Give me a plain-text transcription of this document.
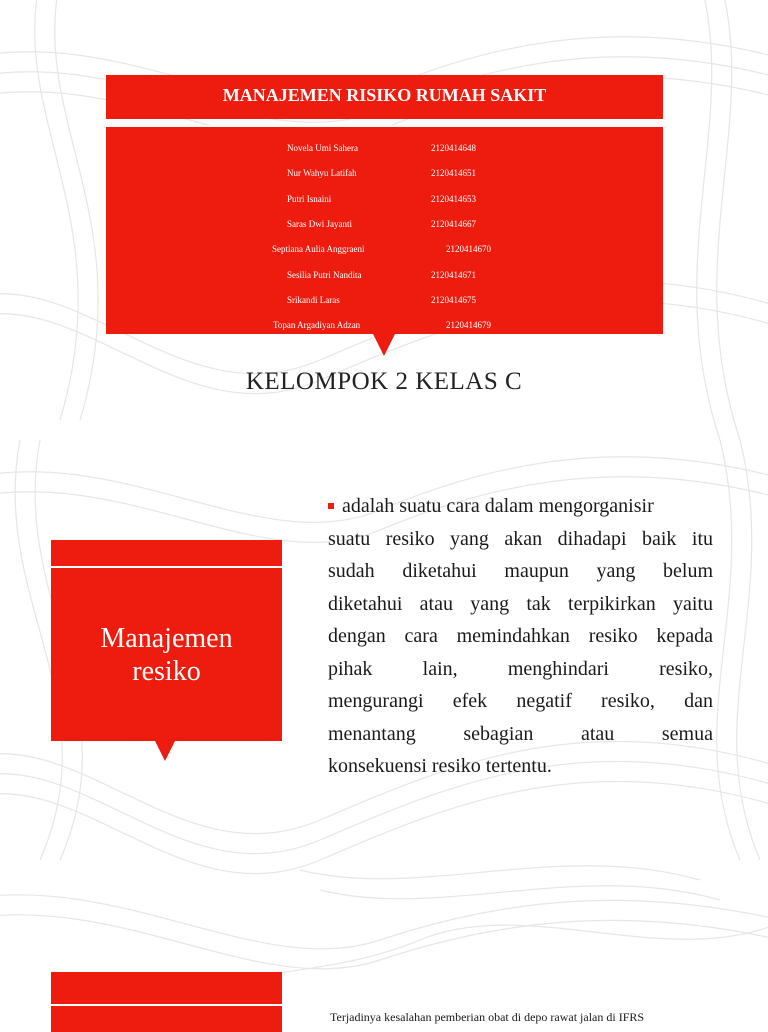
MANAJEMEN RISIKO RUMAH SAKIT
Novela Umi Sahera	2120414648
Nur Wahyu Latifah	2120414651
Putri Isnaini	2120414653
Saras Dwi Jayanti	2120414667
Septiana Aulia Anggraeni	2120414670
Sesilia Putri Nandita	2120414671
Srikandi Laras	2120414675
Topan Argadiyan Adzan	2120414679
KELOMPOK 2 KELAS C
Manajemen
resiko
adalah suatu cara dalam mengorganisir
suatu resiko yang akan dihadapi baik itu
sudah diketahui maupun yang belum
diketahui atau yang tak terpikirkan yaitu
dengan cara memindahkan resiko kepada
pihak lain, menghindari resiko,
mengurangi efek negatif resiko, dan
menantang sebagian atau semua
konsekuensi resiko tertentu.
Terjadinya kesalahan pemberian obat di depo rawat jalan di IFRS
